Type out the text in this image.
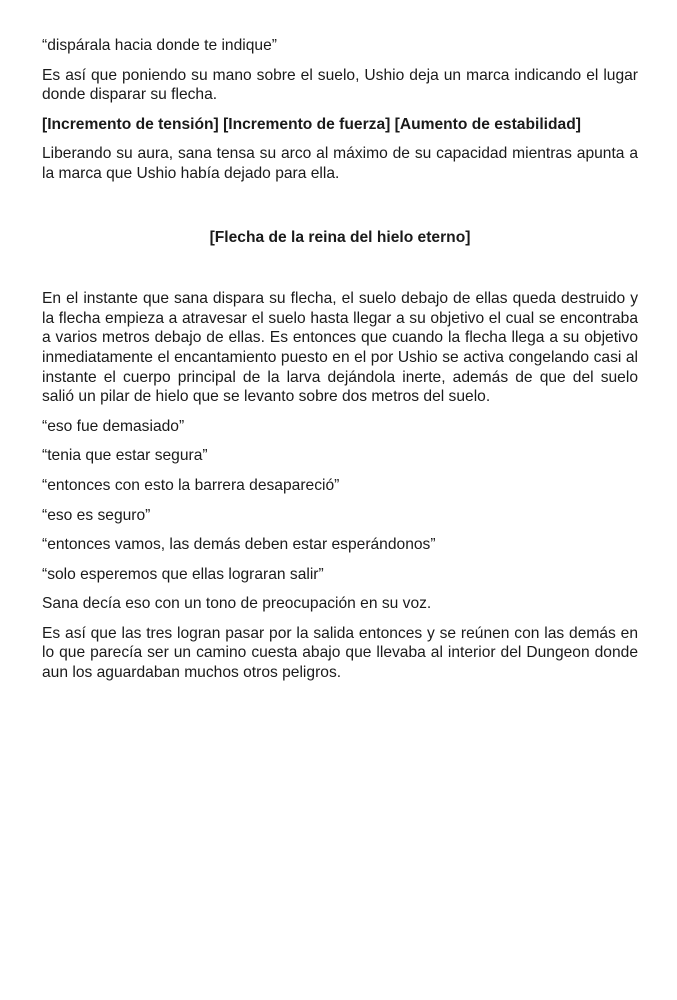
“dispárala hacia donde te indique”

Es así que poniendo su mano sobre el suelo, Ushio deja un marca indicando el lugar donde disparar su flecha.

[Incremento de tensión] [Incremento de fuerza] [Aumento de estabilidad]

Liberando su aura, sana tensa su arco al máximo de su capacidad mientras apunta a la marca que Ushio había dejado para ella.

[Flecha de la reina del hielo eterno]

En el instante que sana dispara su flecha, el suelo debajo de ellas queda destruido y la flecha empieza a atravesar el suelo hasta llegar a su objetivo el cual se encontraba a varios metros debajo de ellas. Es entonces que cuando la flecha llega a su objetivo inmediatamente el encantamiento puesto en el por Ushio se activa congelando casi al instante el cuerpo principal de la larva dejándola inerte, además de que del suelo salió un pilar de hielo que se levanto sobre dos metros del suelo.

“eso fue demasiado”

“tenia que estar segura”

“entonces con esto la barrera desapareció”

“eso es seguro”

“entonces vamos, las demás deben estar esperándonos”

“solo esperemos que ellas lograran salir”

Sana decía eso con un tono de preocupación en su voz.

Es así que las tres logran pasar por la salida entonces y se reúnen con las demás en lo que parecía ser un camino cuesta abajo que llevaba al interior del Dungeon donde aun los aguardaban muchos otros peligros.
